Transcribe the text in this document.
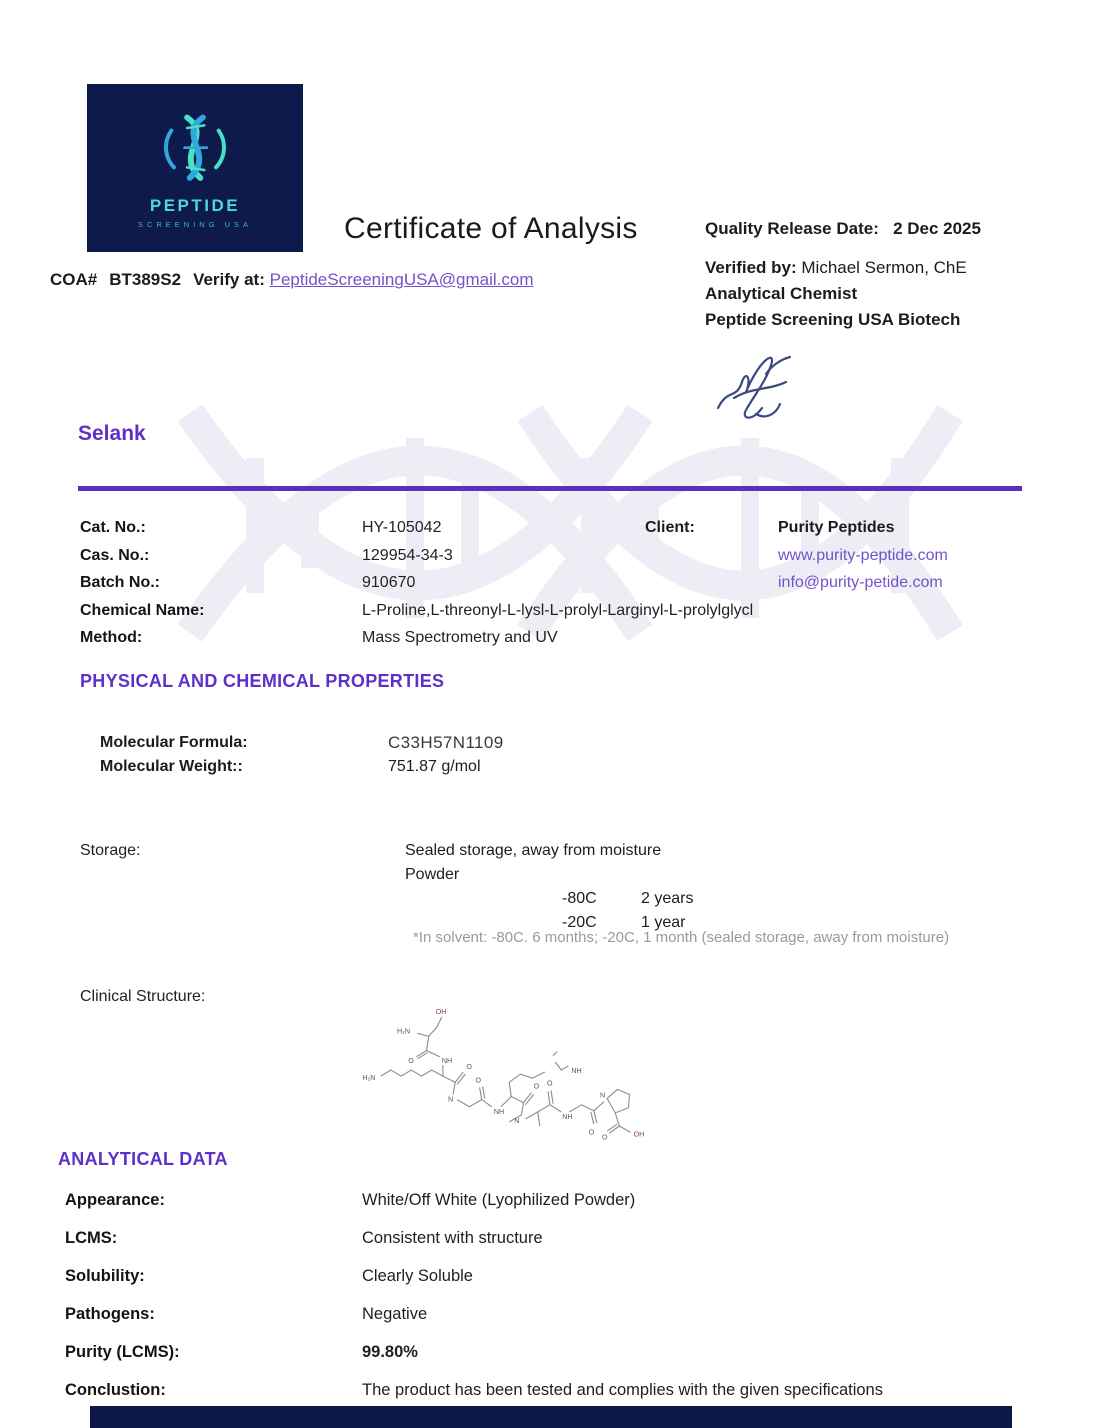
PEPTIDE
SCREENING USA	Certificate of Analysis
COA# BT389S2 Verify at: PeptideScreeningUSA@gmail.com
Quality Release Date: 2 Dec 2025
Verified by: Michael Sermon, ChE
Analytical Chemist
Peptide Screening USA Biotech
Selank
Cat. No.:	HY-105042
Cas. No.:	129954-34-3
Batch No.:	910670
Chemical Name:	L-Proline,L-threonyl-L-lysl-L-prolyl-Larginyl-L-prolylglycl
Method:	Mass Spectrometry and UV
Client:	Purity Peptides
www.purity-peptide.com
info@purity-petide.com
PHYSICAL AND CHEMICAL PROPERTIES
Molecular Formula:	C33H57N1109
Molecular Weight::	751.87 g/mol
Storage:	Sealed storage, away from moisture
Powder
-80C	2 years
-20C	1 year
*In solvent: -80C. 6 months; -20C, 1 month (sealed storage, away from moisture)
Clinical Structure:
OH
H₂N
O	NH
H₂N
O
N
O
NH
O
N
O
NH
NH
O
N
O	OH
ANALYTICAL DATA
Appearance:	White/Off White (Lyophilized Powder)
LCMS:	Consistent with structure
Solubility:	Clearly Soluble
Pathogens:	Negative
Purity (LCMS):	99.80%
Conclustion:	The product has been tested and complies with the given specifications
